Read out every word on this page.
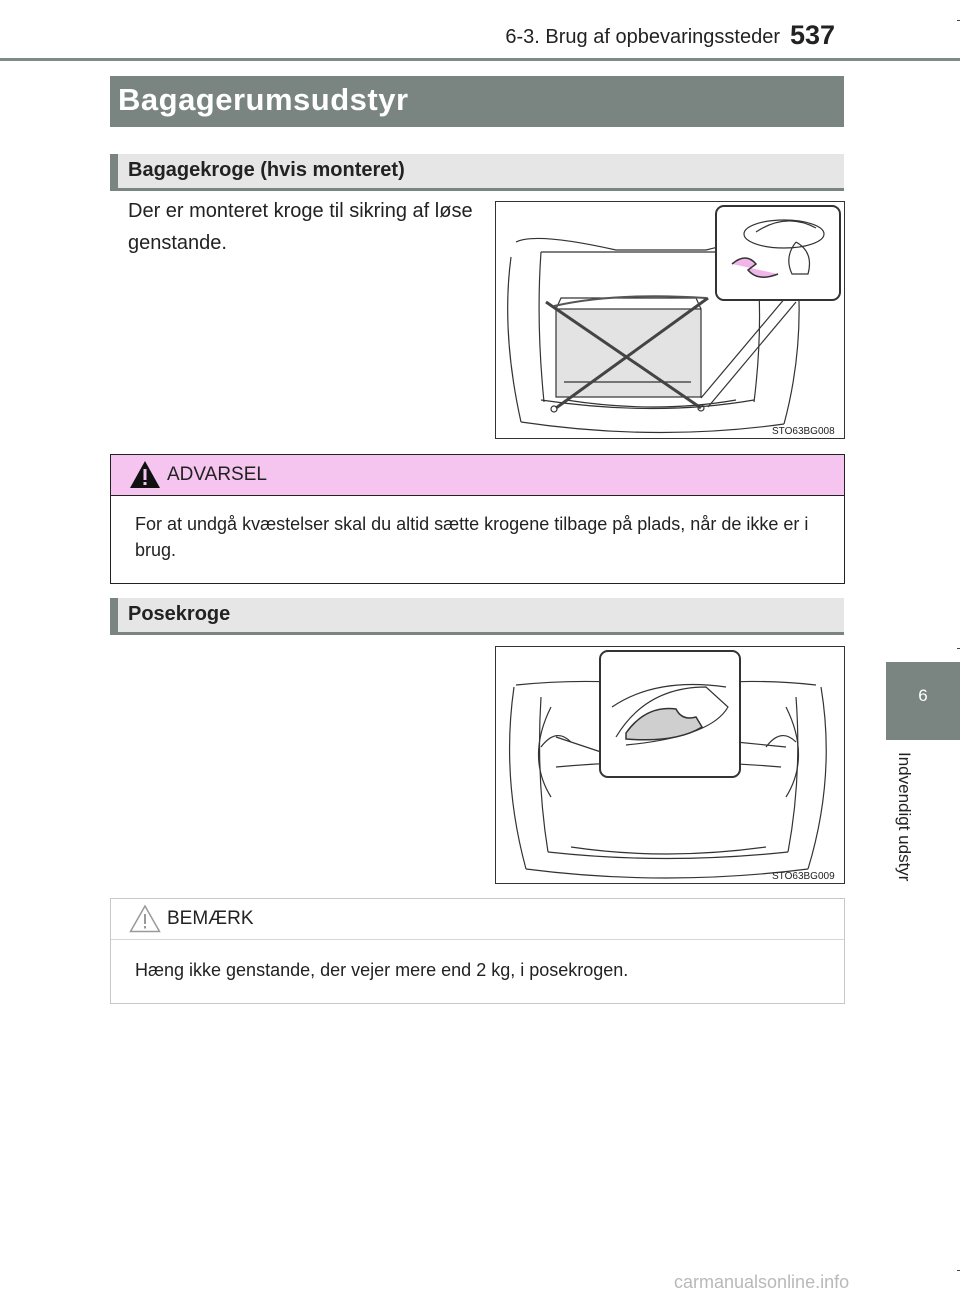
6-3. Brug af opbevaringssteder 537
Bagagerumsudstyr
Bagagekroge (hvis monteret)
Der er monteret kroge til sikring af løse genstande.
STO63BG008
ADVARSEL
For at undgå kvæstelser skal du altid sætte krogene tilbage på plads, når de ikke er i brug.
Posekroge
STO63BG009
BEMÆRK
Hæng ikke genstande, der vejer mere end 2 kg, i posekrogen.
6
Indvendigt udstyr
carmanualsonline.info
